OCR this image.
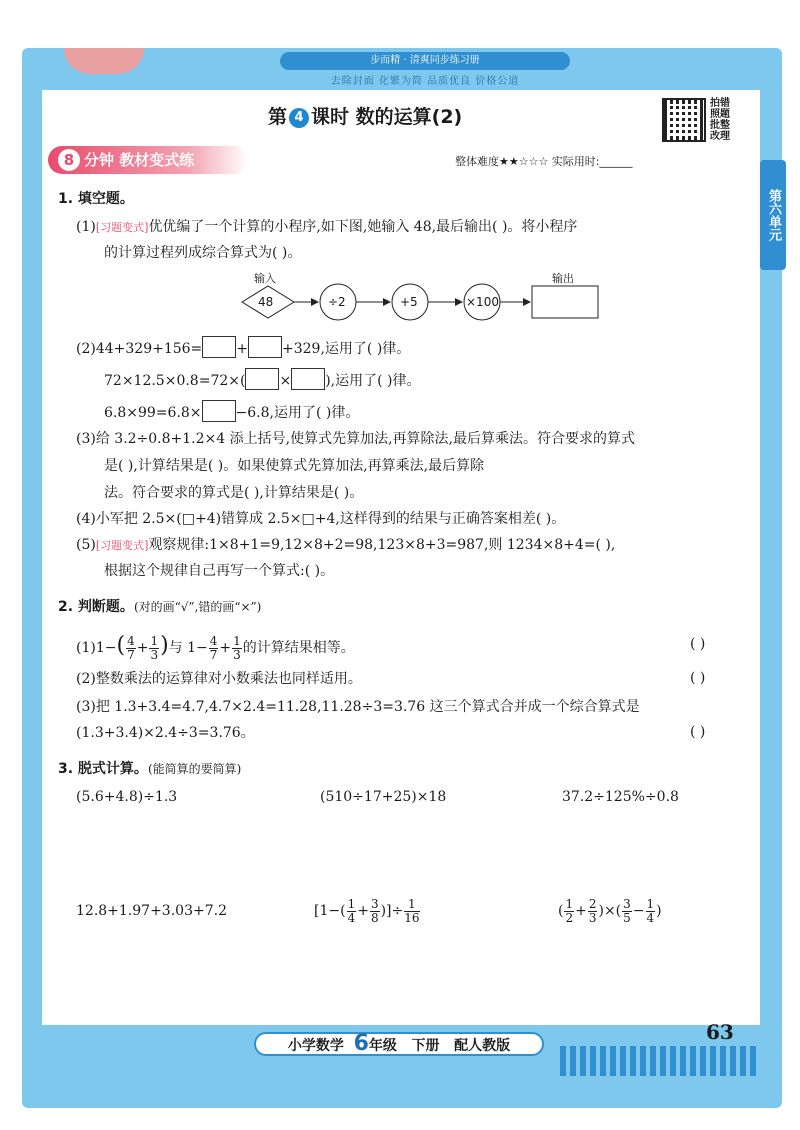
步而精 · 清爽同步练习册
去除封面 化繁为简 品质优良 价格公道
第 4 课时 数的运算(2)
拍错
照题
批整
改理
8 分钟 教材变式练	整体难度★★☆☆☆ 实际用时:______
第六单元
1. 填空题。
(1)[习题变式]优优编了一个计算的小程序,如下图,她输入 48,最后输出( )。将小程序
的计算过程列成综合算式为( )。
输入	输出
48	÷2	+5	×100
(2)44+329+156= + +329,运用了( )律。
72×12.5×0.8=72×( × ),运用了( )律。
6.8×99=6.8× −6.8,运用了( )律。
(3)给 3.2÷0.8+1.2×4 添上括号,使算式先算加法,再算除法,最后算乘法。符合要求的算式
是( ),计算结果是( )。如果使算式先算加法,再算乘法,最后算除
法。符合要求的算式是( ),计算结果是( )。
(4)小军把 2.5×(□+4)错算成 2.5×□+4,这样得到的结果与正确答案相差( )。
(5)[习题变式]观察规律:1×8+1=9,12×8+2=98,123×8+3=987,则 1234×8+4=( ),
根据这个规律自己再写一个算式:( )。
2. 判断题。(对的画“√”,错的画“×”)
$(1)1-( \frac{4}{7} + \frac{1}{3}$ )与 $1- \frac{4}{7} + \frac{1}{3}$ 的计算结果相等。	( )
(2)整数乘法的运算律对小数乘法也同样适用。	( )
(3)把 1.3+3.4=4.7,4.7×2.4=11.28,11.28÷3=3.76 这三个算式合并成一个综合算式是
(1.3+3.4)×2.4÷3=3.76。	( )
3. 脱式计算。(能简算的要简算)
(5.6+4.8)÷1.3	(510÷17+25)×18	37.2÷125%÷0.8
12.8+1.97+3.03+7.2	[$1-( \frac{1}{4} + \frac{3}{8}$ )]÷ $\frac{1}{16}$	( $\frac{1}{2} + \frac{2}{3}$ )×( $\frac{3}{5} - \frac{1}{4}$ )
小学数学 6年级 下册 配人教版
63
